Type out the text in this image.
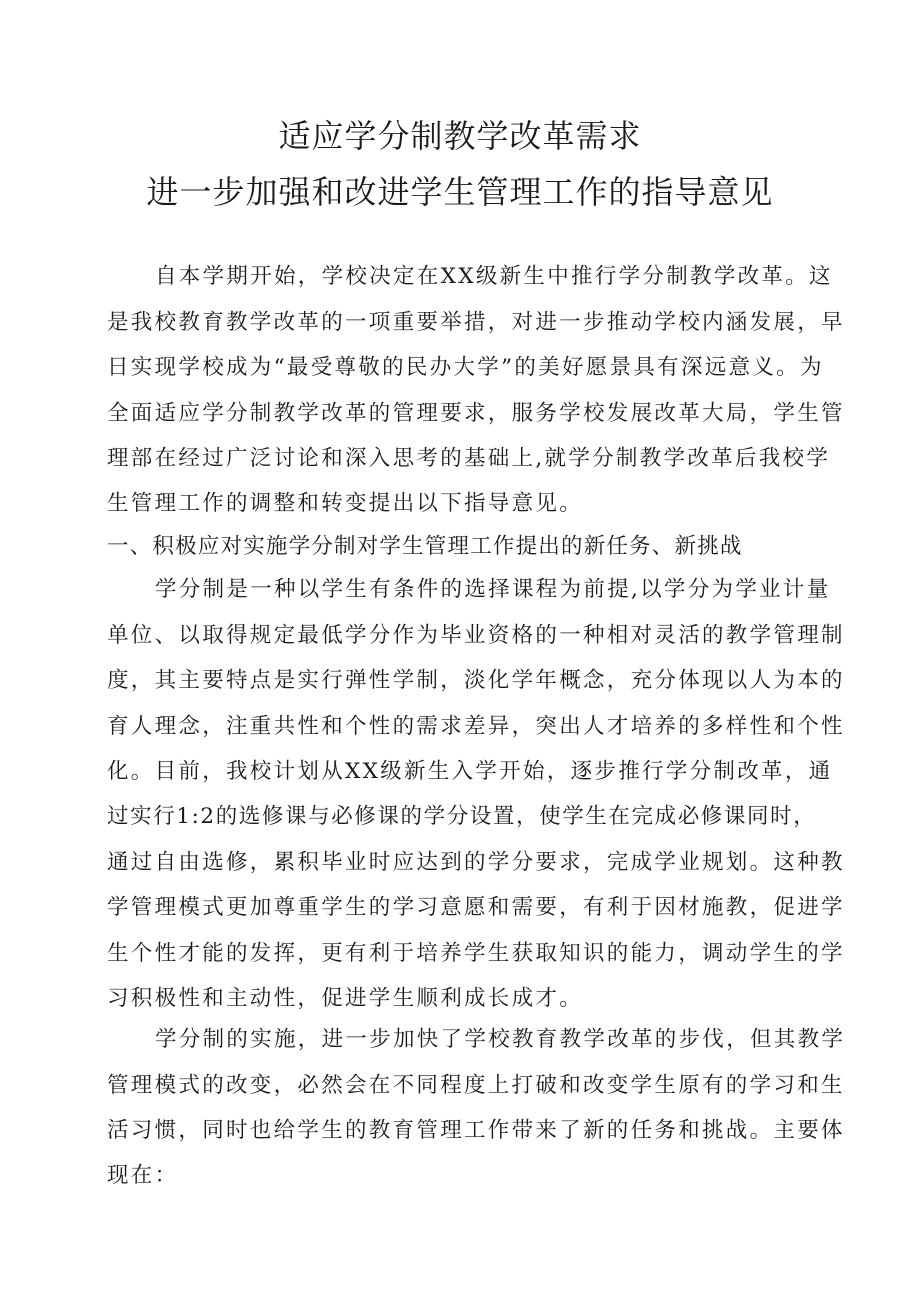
适应学分制教学改革需求
进一步加强和改进学生管理工作的指导意见
自本学期开始，学校决定在XX级新生中推行学分制教学改革。这
是我校教育教学改革的一项重要举措，对进一步推动学校内涵发展，早
日实现学校成为“最受尊敬的民办大学”的美好愿景具有深远意义。为
全面适应学分制教学改革的管理要求，服务学校发展改革大局，学生管
理部在经过广泛讨论和深入思考的基础上,就学分制教学改革后我校学
生管理工作的调整和转变提出以下指导意见。
一、积极应对实施学分制对学生管理工作提出的新任务、新挑战
学分制是一种以学生有条件的选择课程为前提,以学分为学业计量
单位、以取得规定最低学分作为毕业资格的一种相对灵活的教学管理制
度，其主要特点是实行弹性学制，淡化学年概念，充分体现以人为本的
育人理念，注重共性和个性的需求差异，突出人才培养的多样性和个性
化。目前，我校计划从XX级新生入学开始，逐步推行学分制改革，通
过实行1:2的选修课与必修课的学分设置，使学生在完成必修课同时，
通过自由选修，累积毕业时应达到的学分要求，完成学业规划。这种教
学管理模式更加尊重学生的学习意愿和需要，有利于因材施教，促进学
生个性才能的发挥，更有利于培养学生获取知识的能力，调动学生的学
习积极性和主动性，促进学生顺利成长成才。
学分制的实施，进一步加快了学校教育教学改革的步伐，但其教学
管理模式的改变，必然会在不同程度上打破和改变学生原有的学习和生
活习惯，同时也给学生的教育管理工作带来了新的任务和挑战。主要体
现在：
